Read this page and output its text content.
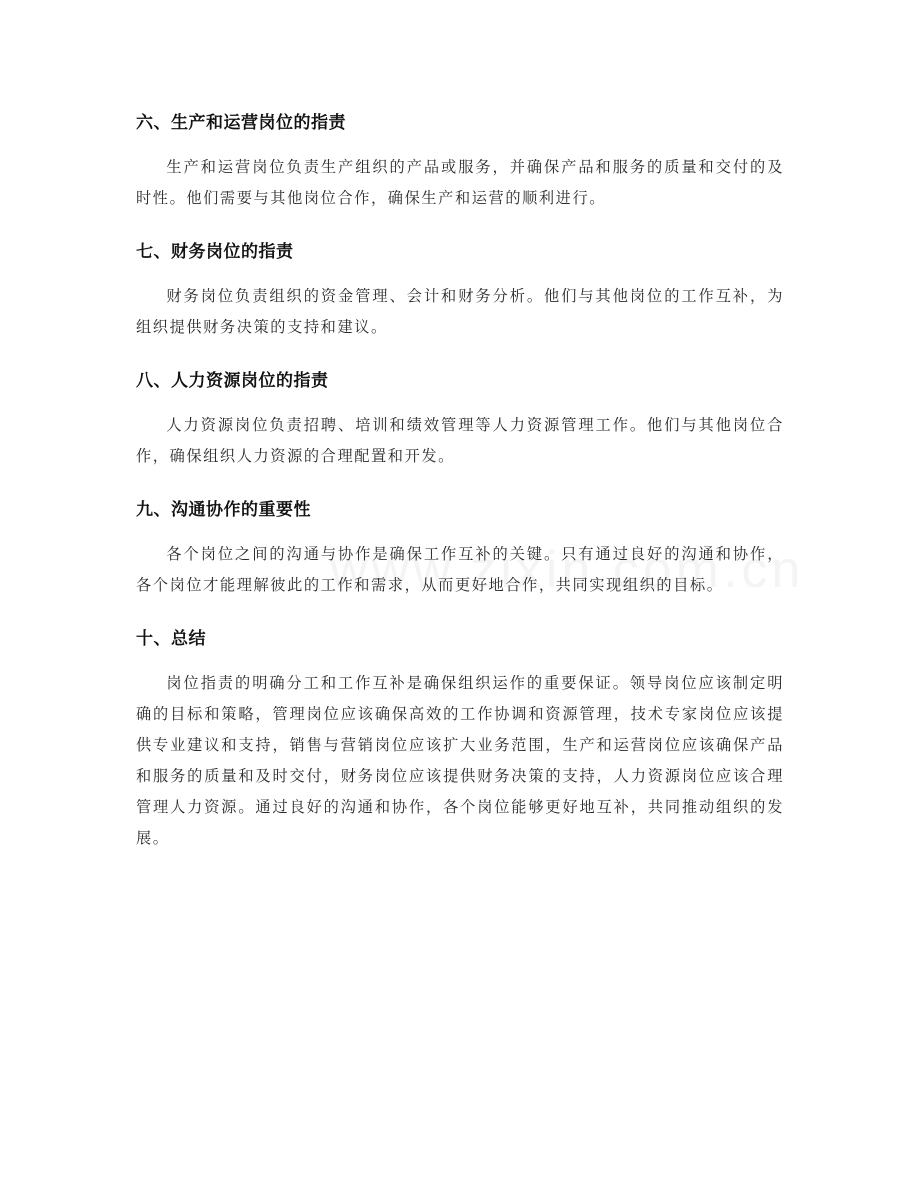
六、生产和运营岗位的指责

生产和运营岗位负责生产组织的产品或服务，并确保产品和服务的质量和交付的及时性。他们需要与其他岗位合作，确保生产和运营的顺利进行。

七、财务岗位的指责

财务岗位负责组织的资金管理、会计和财务分析。他们与其他岗位的工作互补，为组织提供财务决策的支持和建议。

八、人力资源岗位的指责

人力资源岗位负责招聘、培训和绩效管理等人力资源管理工作。他们与其他岗位合作，确保组织人力资源的合理配置和开发。

九、沟通协作的重要性

各个岗位之间的沟通与协作是确保工作互补的关键。只有通过良好的沟通和协作，各个岗位才能理解彼此的工作和需求，从而更好地合作，共同实现组织的目标。

十、总结

岗位指责的明确分工和工作互补是确保组织运作的重要保证。领导岗位应该制定明确的目标和策略，管理岗位应该确保高效的工作协调和资源管理，技术专家岗位应该提供专业建议和支持，销售与营销岗位应该扩大业务范围，生产和运营岗位应该确保产品和服务的质量和及时交付，财务岗位应该提供财务决策的支持，人力资源岗位应该合理管理人力资源。通过良好的沟通和协作，各个岗位能够更好地互补，共同推动组织的发展。
